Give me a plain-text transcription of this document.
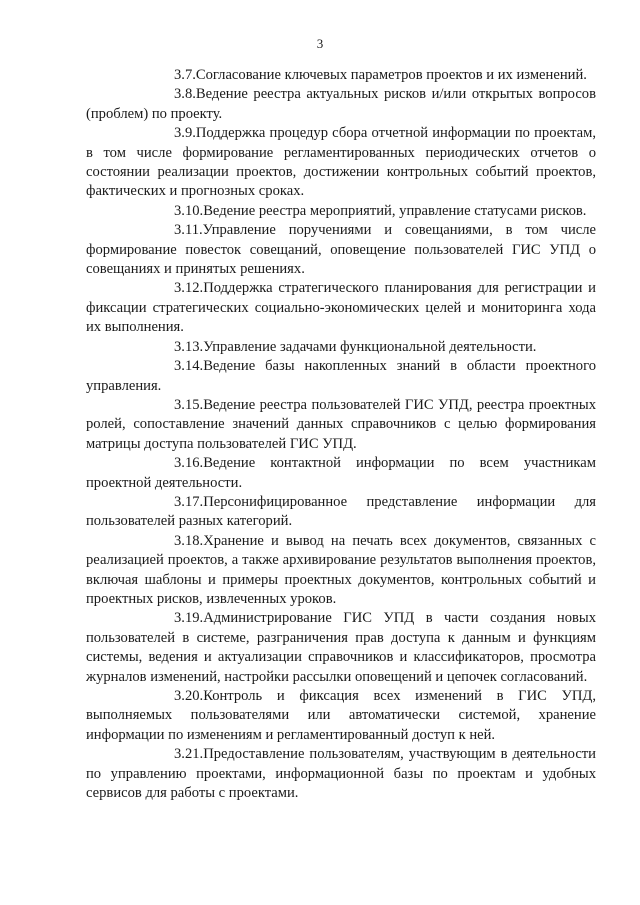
3

3.7.Согласование ключевых параметров проектов и их изменений.

3.8.Ведение реестра актуальных рисков и/или открытых вопросов (проблем) по проекту.

3.9.Поддержка процедур сбора отчетной информации по проектам, в том числе формирование регламентированных периодических отчетов о состоянии реализации проектов, достижении контрольных событий проектов, фактических и прогнозных сроках.

3.10.Ведение реестра мероприятий, управление статусами рисков.

3.11.Управление поручениями и совещаниями, в том числе формирование повесток совещаний, оповещение пользователей ГИС УПД о совещаниях и принятых решениях.

3.12.Поддержка стратегического планирования для регистрации и фиксации стратегических социально-экономических целей и мониторинга хода их выполнения.

3.13.Управление задачами функциональной деятельности.

3.14.Ведение базы накопленных знаний в области проектного управления.

3.15.Ведение реестра пользователей ГИС УПД, реестра проектных ролей, сопоставление значений данных справочников с целью формирования матрицы доступа пользователей ГИС УПД.

3.16.Ведение контактной информации по всем участникам проектной деятельности.

3.17.Персонифицированное представление информации для пользователей разных категорий.

3.18.Хранение и вывод на печать всех документов, связанных с реализацией проектов, а также архивирование результатов выполнения проектов, включая шаблоны и примеры проектных документов, контрольных событий и проектных рисков, извлеченных уроков.

3.19.Администрирование ГИС УПД в части создания новых пользователей в системе, разграничения прав доступа к данным и функциям системы, ведения и актуализации справочников и классификаторов, просмотра журналов изменений, настройки рассылки оповещений и цепочек согласований.

3.20.Контроль и фиксация всех изменений в ГИС УПД, выполняемых пользователями или автоматически системой, хранение информации по изменениям и регламентированный доступ к ней.

3.21.Предоставление пользователям, участвующим в деятельности по управлению проектами, информационной базы по проектам и удобных сервисов для работы с проектами.
